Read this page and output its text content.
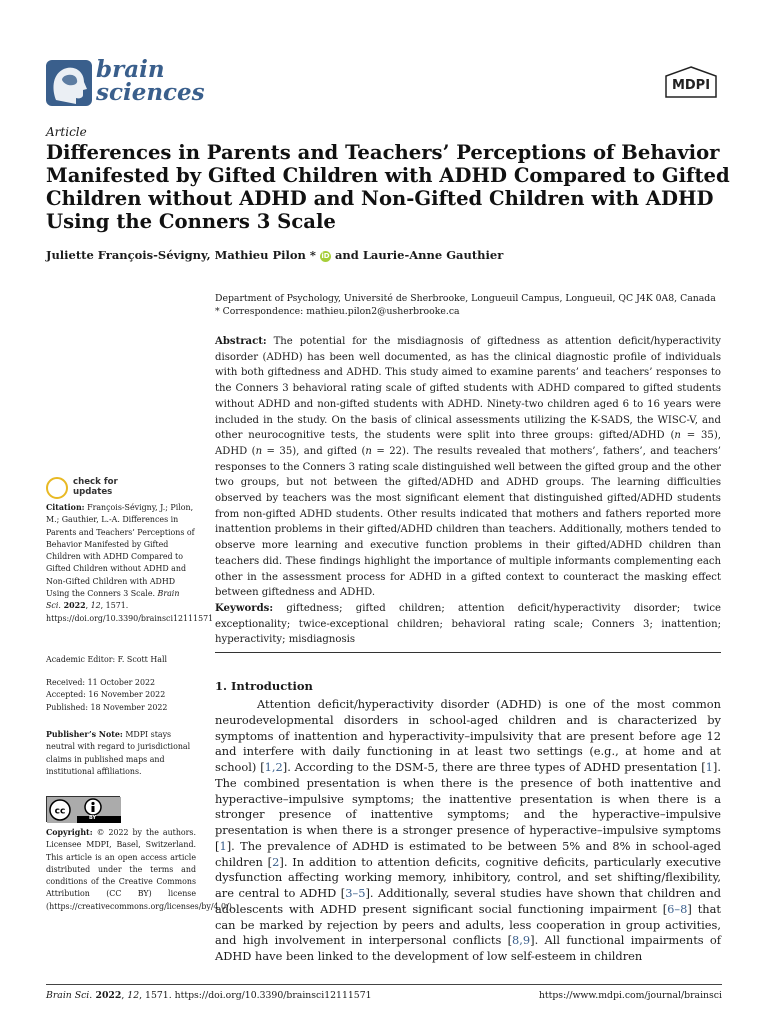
brain
sciences	MDPI
Article
Differences in Parents and Teachers’ Perceptions of Behavior Manifested by Gifted Children with ADHD Compared to Gifted Children without ADHD and Non-Gifted Children with ADHD Using the Conners 3 Scale
Juliette François-Sévigny, Mathieu Pilon * iD and Laurie-Anne Gauthier
Department of Psychology, Université de Sherbrooke, Longueuil Campus, Longueuil, QC J4K 0A8, Canada
* Correspondence: mathieu.pilon2@usherbrooke.ca
Abstract: The potential for the misdiagnosis of giftedness as attention deficit/hyperactivity disorder (ADHD) has been well documented, as has the clinical diagnostic profile of individuals with both giftedness and ADHD. This study aimed to examine parents’ and teachers’ responses to the Conners 3 behavioral rating scale of gifted students with ADHD compared to gifted students without ADHD and non-gifted students with ADHD. Ninety-two children aged 6 to 16 years were included in the study. On the basis of clinical assessments utilizing the K-SADS, the WISC-V, and other neurocognitive tests, the students were split into three groups: gifted/ADHD (n = 35), ADHD (n = 35), and gifted (n = 22). The results revealed that mothers’, fathers’, and teachers’ responses to the Conners 3 rating scale distinguished well between the gifted group and the other two groups, but not between the gifted/ADHD and ADHD groups. The learning difficulties observed by teachers was the most significant element that distinguished gifted/ADHD students from non-gifted ADHD students. Other results indicated that mothers and fathers reported more inattention problems in their gifted/ADHD children than teachers. Additionally, mothers tended to observe more learning and executive function problems in their gifted/ADHD children than teachers did. These findings highlight the importance of multiple informants complementing each other in the assessment process for ADHD in a gifted context to counteract the masking effect between giftedness and ADHD.
Keywords: giftedness; gifted children; attention deficit/hyperactivity disorder; twice exceptionality; twice-exceptional children; behavioral rating scale; Conners 3; inattention; hyperactivity; misdiagnosis
check for
updates
Citation: François-Sévigny, J.; Pilon, M.; Gauthier, L.-A. Differences in Parents and Teachers’ Perceptions of Behavior Manifested by Gifted Children with ADHD Compared to Gifted Children without ADHD and Non-Gifted Children with ADHD Using the Conners 3 Scale. Brain Sci. 2022, 12, 1571. https://doi.org/10.3390/brainsci12111571
Academic Editor: F. Scott Hall
Received: 11 October 2022
Accepted: 16 November 2022
Published: 18 November 2022
Publisher’s Note: MDPI stays neutral with regard to jurisdictional claims in published maps and institutional affiliations.
cc
BY
Copyright: © 2022 by the authors. Licensee MDPI, Basel, Switzerland. This article is an open access article distributed under the terms and conditions of the Creative Commons Attribution (CC BY) license (https://creativecommons.org/licenses/by/4.0/).
1. Introduction
Attention deficit/hyperactivity disorder (ADHD) is one of the most common neurodevelopmental disorders in school-aged children and is characterized by symptoms of inattention and hyperactivity–impulsivity that are present before age 12 and interfere with daily functioning in at least two settings (e.g., at home and at school) [1,2]. According to the DSM-5, there are three types of ADHD presentation [1]. The combined presentation is when there is the presence of both inattentive and hyperactive–impulsive symptoms; the inattentive presentation is when there is a stronger presence of inattentive symptoms; and the hyperactive–impulsive presentation is when there is a stronger presence of hyperactive–impulsive symptoms [1]. The prevalence of ADHD is estimated to be between 5% and 8% in school-aged children [2]. In addition to attention deficits, cognitive deficits, particularly executive dysfunction affecting working memory, inhibitory, control, and set shifting/flexibility, are central to ADHD [3–5]. Additionally, several studies have shown that children and adolescents with ADHD present significant social functioning impairment [6–8] that can be marked by rejection by peers and adults, less cooperation in group activities, and high involvement in interpersonal conflicts [8,9]. All functional impairments of ADHD have been linked to the development of low self-esteem in children
Brain Sci. 2022, 12, 1571. https://doi.org/10.3390/brainsci12111571	https://www.mdpi.com/journal/brainsci
